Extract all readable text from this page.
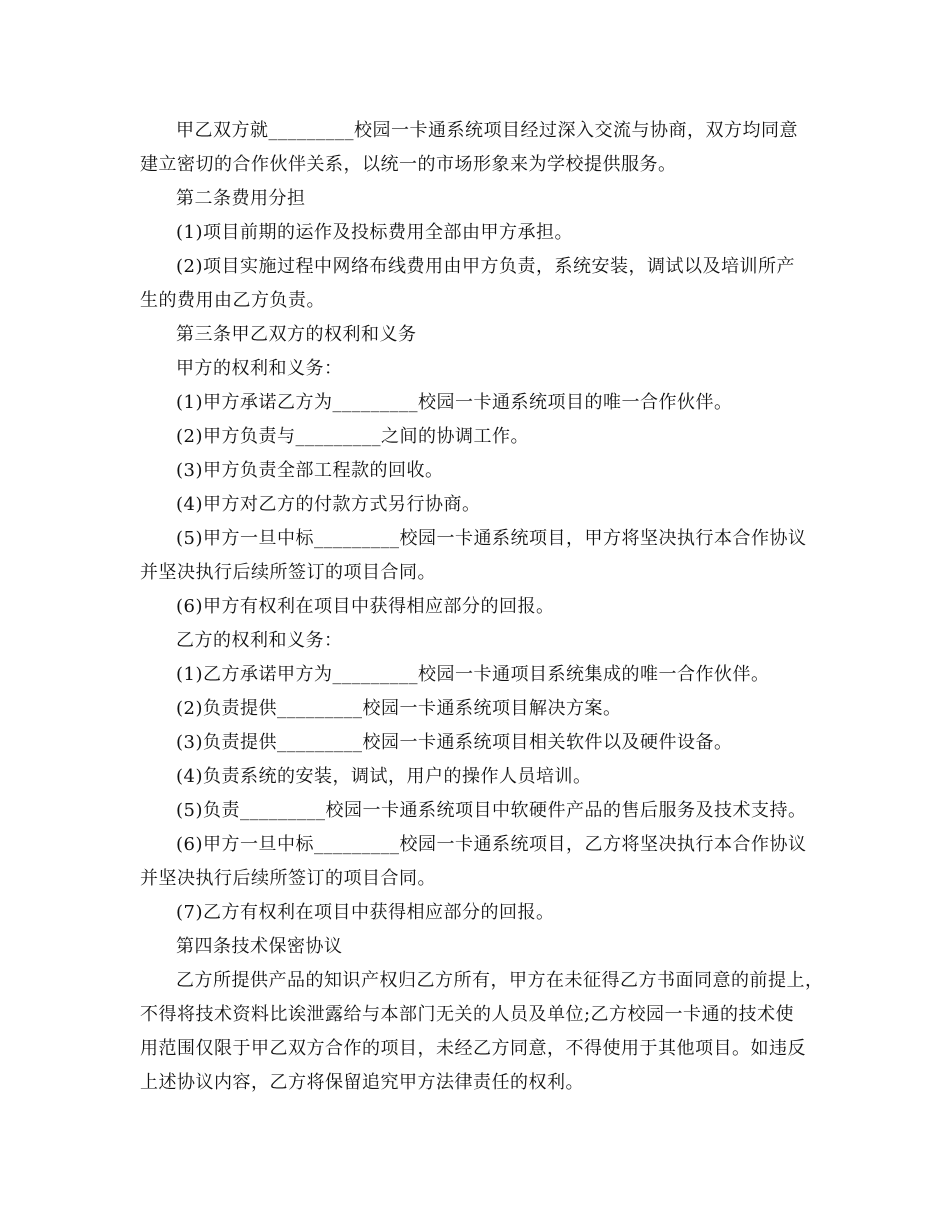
甲乙双方就_________校园一卡通系统项目经过深入交流与协商，双方均同意
建立密切的合作伙伴关系，以统一的市场形象来为学校提供服务。
第二条费用分担
(1)项目前期的运作及投标费用全部由甲方承担。
(2)项目实施过程中网络布线费用由甲方负责，系统安装，调试以及培训所产
生的费用由乙方负责。
第三条甲乙双方的权利和义务
甲方的权利和义务：
(1)甲方承诺乙方为_________校园一卡通系统项目的唯一合作伙伴。
(2)甲方负责与_________之间的协调工作。
(3)甲方负责全部工程款的回收。
(4)甲方对乙方的付款方式另行协商。
(5)甲方一旦中标_________校园一卡通系统项目，甲方将坚决执行本合作协议
并坚决执行后续所签订的项目合同。
(6)甲方有权利在项目中获得相应部分的回报。
乙方的权利和义务：
(1)乙方承诺甲方为_________校园一卡通项目系统集成的唯一合作伙伴。
(2)负责提供_________校园一卡通系统项目解决方案。
(3)负责提供_________校园一卡通系统项目相关软件以及硬件设备。
(4)负责系统的安装，调试，用户的操作人员培训。
(5)负责_________校园一卡通系统项目中软硬件产品的售后服务及技术支持。
(6)甲方一旦中标_________校园一卡通系统项目，乙方将坚决执行本合作协议
并坚决执行后续所签订的项目合同。
(7)乙方有权利在项目中获得相应部分的回报。
第四条技术保密协议
乙方所提供产品的知识产权归乙方所有，甲方在未征得乙方书面同意的前提上，
不得将技术资料比诶泄露给与本部门无关的人员及单位;乙方校园一卡通的技术使
用范围仅限于甲乙双方合作的项目，未经乙方同意，不得使用于其他项目。如违反
上述协议内容，乙方将保留追究甲方法律责任的权利。
